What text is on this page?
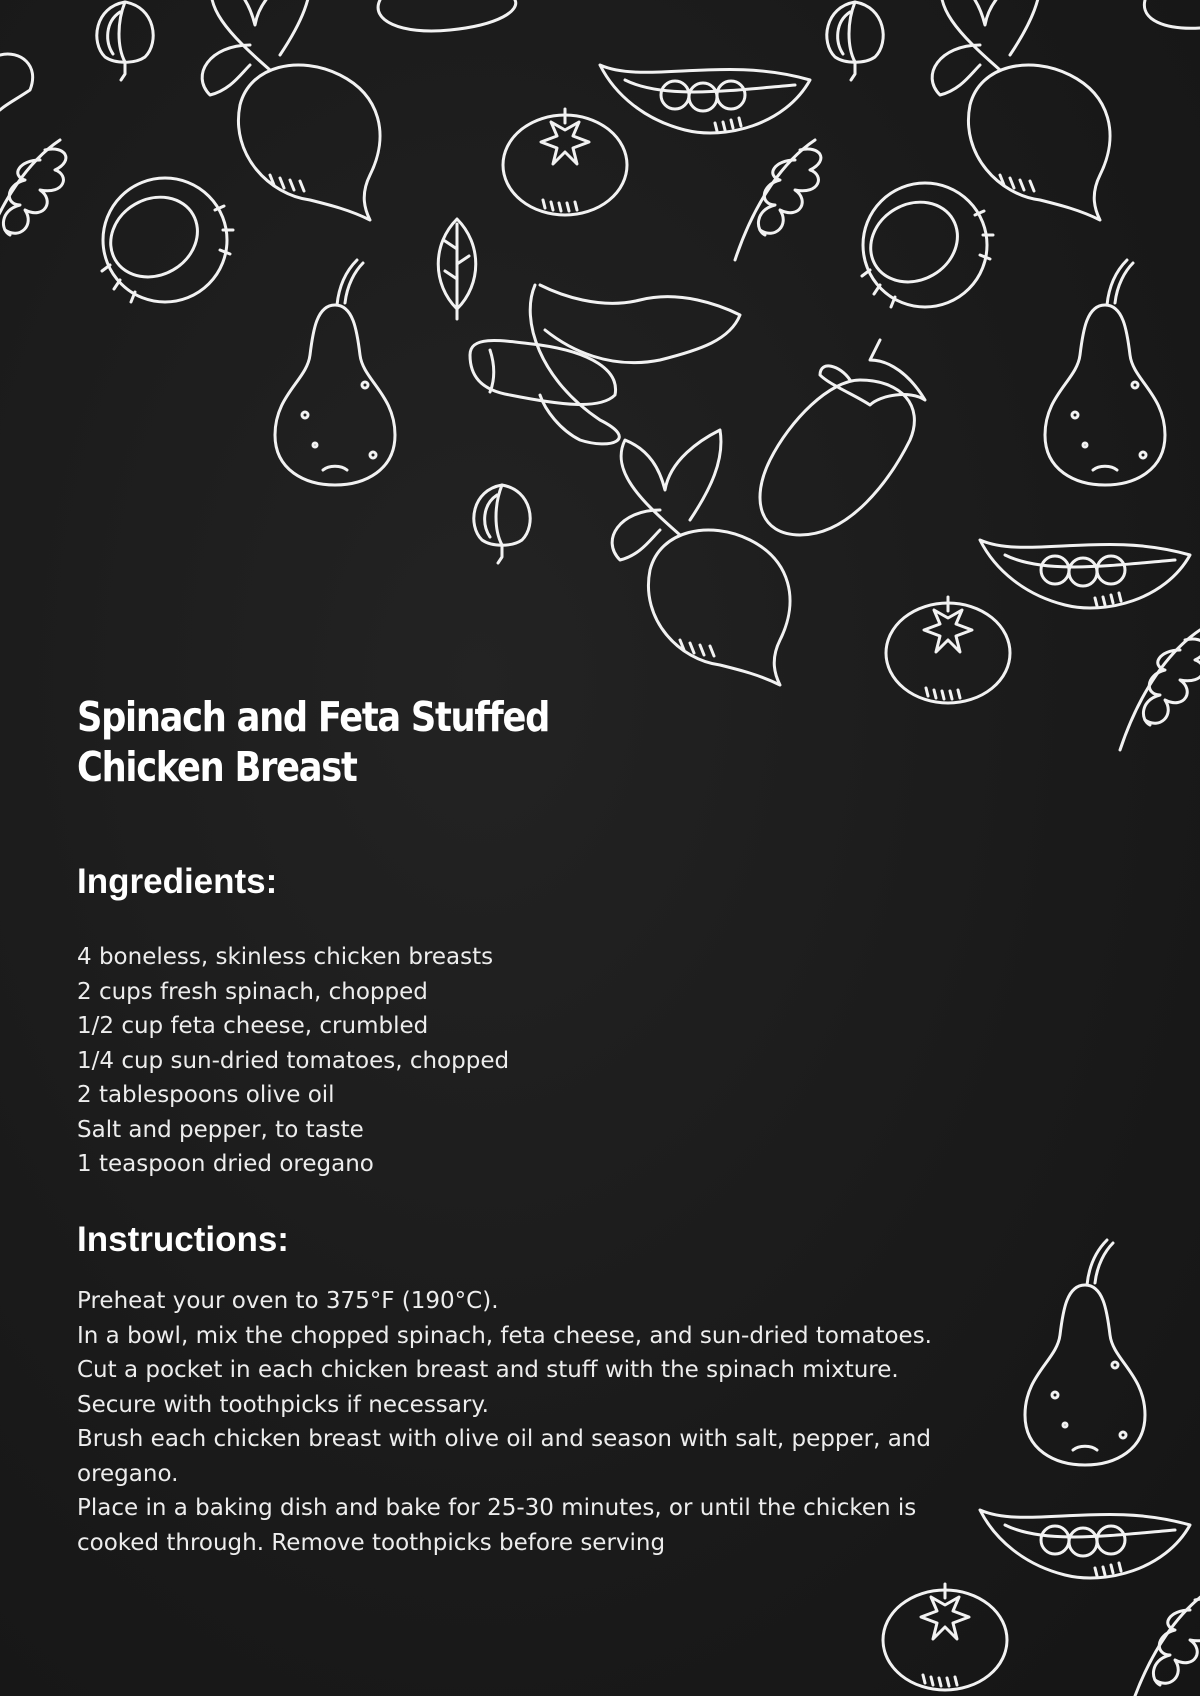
Spinach and Feta Stuffed
Chicken Breast
Ingredients:
4 boneless, skinless chicken breasts
2 cups fresh spinach, chopped
1/2 cup feta cheese, crumbled
1/4 cup sun-dried tomatoes, chopped
2 tablespoons olive oil
Salt and pepper, to taste
1 teaspoon dried oregano
Instructions:
Preheat your oven to 375°F (190°C).
In a bowl, mix the chopped spinach, feta cheese, and sun-dried tomatoes.
Cut a pocket in each chicken breast and stuff with the spinach mixture. Secure with toothpicks if necessary.
Brush each chicken breast with olive oil and season with salt, pepper, and oregano.
Place in a baking dish and bake for 25-30 minutes, or until the chicken is cooked through. Remove toothpicks before serving
